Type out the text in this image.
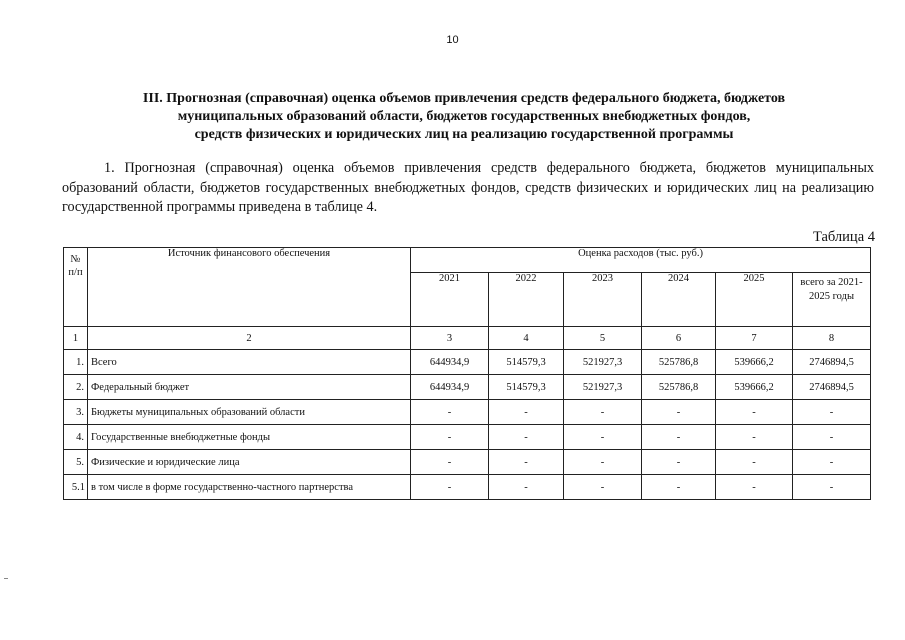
10
III. Прогнозная (справочная) оценка объемов привлечения средств федерального бюджета, бюджетов
муниципальных образований области, бюджетов государственных внебюджетных фондов,
средств физических и юридических лиц на реализацию государственной программы
1. Прогнозная (справочная) оценка объемов привлечения средств федерального бюджета, бюджетов муниципальных образований области, бюджетов государственных внебюджетных фондов, средств физических и юридических лиц на реализацию государственной программы приведена в таблице 4.
Таблица 4
№ п/п	Источник финансового обеспечения	Оценка расходов (тыс. руб.)					
		2021	2022	2023	2024	2025	всего за 2021-2025 годы
1	2	3	4	5	6	7	8
1.	Всего	644934,9	514579,3	521927,3	525786,8	539666,2	2746894,5
2.	Федеральный бюджет	644934,9	514579,3	521927,3	525786,8	539666,2	2746894,5
3.	Бюджеты муниципальных образований области	-	-	-	-	-	-
4.	Государственные внебюджетные фонды	-	-	-	-	-	-
5.	Физические и юридические лица	-	-	-	-	-	-
5.1	в том числе в форме государственно-частного партнерства	-	-	-	-	-	-
